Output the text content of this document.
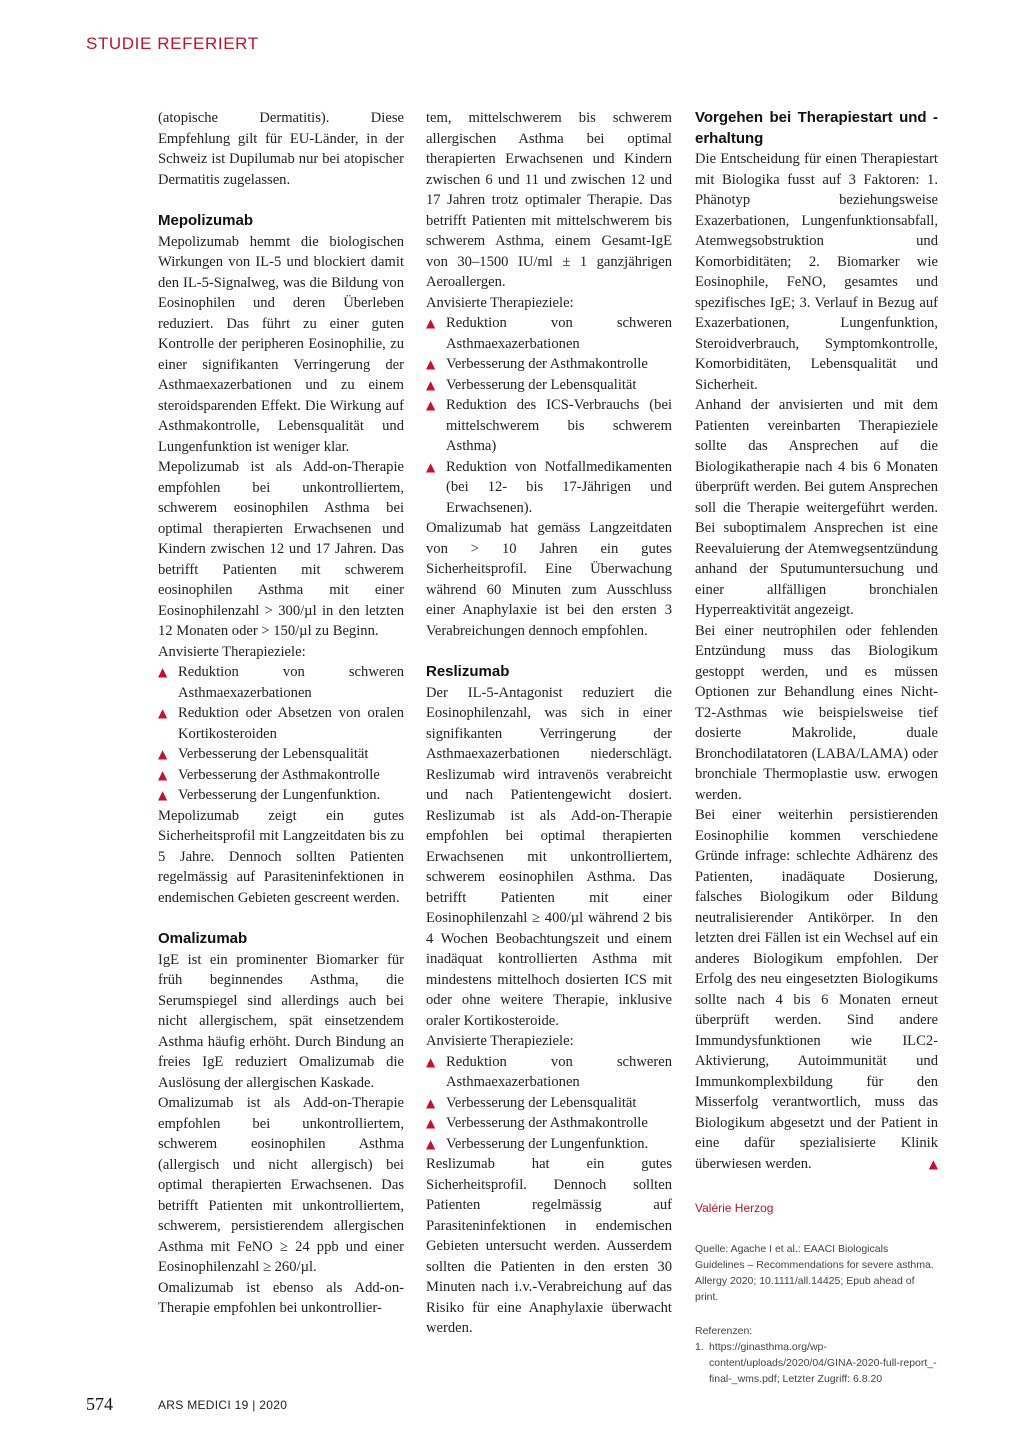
STUDIE REFERIERT

(atopische Dermatitis). Diese Empfehlung gilt für EU-Länder, in der Schweiz ist Dupilumab nur bei atopischer Dermatitis zugelassen.

Mepolizumab

Mepolizumab hemmt die biologischen Wirkungen von IL-5 und blockiert damit den IL-5-Signalweg, was die Bildung von Eosinophilen und deren Überleben reduziert. Das führt zu einer guten Kontrolle der peripheren Eosinophilie, zu einer signifikanten Verringerung der Asthmaexazerbationen und zu einem steroidsparenden Effekt. Die Wirkung auf Asthmakontrolle, Lebensqualität und Lungenfunktion ist weniger klar.

Mepolizumab ist als Add-on-Therapie empfohlen bei unkontrolliertem, schwerem eosinophilen Asthma bei optimal therapierten Erwachsenen und Kindern zwischen 12 und 17 Jahren. Das betrifft Patienten mit schwerem eosinophilen Asthma mit einer Eosinophilenzahl > 300/µl in den letzten 12 Monaten oder > 150/µl zu Beginn.

Anvisierte Therapieziele:

▲ Reduktion von schweren Asthmaexazerbationen
▲ Reduktion oder Absetzen von oralen Kortikosteroiden
▲ Verbesserung der Lebensqualität
▲ Verbesserung der Asthmakontrolle
▲ Verbesserung der Lungenfunktion.

Mepolizumab zeigt ein gutes Sicherheitsprofil mit Langzeitdaten bis zu 5 Jahre. Dennoch sollten Patienten regelmässig auf Parasiteninfektionen in endemischen Gebieten gescreent werden.

Omalizumab

IgE ist ein prominenter Biomarker für früh beginnendes Asthma, die Serumspiegel sind allerdings auch bei nicht allergischem, spät einsetzendem Asthma häufig erhöht. Durch Bindung an freies IgE reduziert Omalizumab die Auslösung der allergischen Kaskade.

Omalizumab ist als Add-on-Therapie empfohlen bei unkontrolliertem, schwerem eosinophilen Asthma (allergisch und nicht allergisch) bei optimal therapierten Erwachsenen. Das betrifft Patienten mit unkontrolliertem, schwerem, persistierendem allergischen Asthma mit FeNO ≥ 24 ppb und einer Eosinophilenzahl ≥ 260/µl.

Omalizumab ist ebenso als Add-on-Therapie empfohlen bei unkontrollier-

tem, mittelschwerem bis schwerem allergischen Asthma bei optimal therapierten Erwachsenen und Kindern zwischen 6 und 11 und zwischen 12 und 17 Jahren trotz optimaler Therapie. Das betrifft Patienten mit mittelschwerem bis schwerem Asthma, einem Gesamt-IgE von 30–1500 IU/ml ± 1 ganzjährigen Aeroallergen.

Anvisierte Therapieziele:

▲ Reduktion von schweren Asthmaexazerbationen
▲ Verbesserung der Asthmakontrolle
▲ Verbesserung der Lebensqualität
▲ Reduktion des ICS-Verbrauchs (bei mittelschwerem bis schwerem Asthma)
▲ Reduktion von Notfallmedikamenten (bei 12- bis 17-Jährigen und Erwachsenen).

Omalizumab hat gemäss Langzeitdaten von > 10 Jahren ein gutes Sicherheitsprofil. Eine Überwachung während 60 Minuten zum Ausschluss einer Anaphylaxie ist bei den ersten 3 Verabreichungen dennoch empfohlen.

Reslizumab

Der IL-5-Antagonist reduziert die Eosinophilenzahl, was sich in einer signifikanten Verringerung der Asthmaexazerbationen niederschlägt. Reslizumab wird intravenös verabreicht und nach Patientengewicht dosiert. Reslizumab ist als Add-on-Therapie empfohlen bei optimal therapierten Erwachsenen mit unkontrolliertem, schwerem eosinophilen Asthma. Das betrifft Patienten mit einer Eosinophilenzahl ≥ 400/µl während 2 bis 4 Wochen Beobachtungszeit und einem inadäquat kontrollierten Asthma mit mindestens mittelhoch dosierten ICS mit oder ohne weitere Therapie, inklusive oraler Kortikosteroide.

Anvisierte Therapieziele:

▲ Reduktion von schweren Asthmaexazerbationen
▲ Verbesserung der Lebensqualität
▲ Verbesserung der Asthmakontrolle
▲ Verbesserung der Lungenfunktion.

Reslizumab hat ein gutes Sicherheitsprofil. Dennoch sollten Patienten regelmässig auf Parasiteninfektionen in endemischen Gebieten untersucht werden. Ausserdem sollten die Patienten in den ersten 30 Minuten nach i.v.-Verabreichung auf das Risiko für eine Anaphylaxie überwacht werden.

Vorgehen bei Therapiestart und -erhaltung

Die Entscheidung für einen Therapiestart mit Biologika fusst auf 3 Faktoren: 1. Phänotyp beziehungsweise Exazerbationen, Lungenfunktionsabfall, Atemwegsobstruktion und Komorbiditäten; 2. Biomarker wie Eosinophile, FeNO, gesamtes und spezifisches IgE; 3. Verlauf in Bezug auf Exazerbationen, Lungenfunktion, Steroidverbrauch, Symptomkontrolle, Komorbiditäten, Lebensqualität und Sicherheit.

Anhand der anvisierten und mit dem Patienten vereinbarten Therapieziele sollte das Ansprechen auf die Biologikatherapie nach 4 bis 6 Monaten überprüft werden. Bei gutem Ansprechen soll die Therapie weitergeführt werden. Bei suboptimalem Ansprechen ist eine Reevaluierung der Atemwegsentzündung anhand der Sputumuntersuchung und einer allfälligen bronchialen Hyperreaktivität angezeigt.

Bei einer neutrophilen oder fehlenden Entzündung muss das Biologikum gestoppt werden, und es müssen Optionen zur Behandlung eines Nicht-T2-Asthmas wie beispielsweise tief dosierte Makrolide, duale Bronchodilatatoren (LABA/LAMA) oder bronchiale Thermoplastie usw. erwogen werden.

Bei einer weiterhin persistierenden Eosinophilie kommen verschiedene Gründe infrage: schlechte Adhärenz des Patienten, inadäquate Dosierung, falsches Biologikum oder Bildung neutralisierender Antikörper. In den letzten drei Fällen ist ein Wechsel auf ein anderes Biologikum empfohlen. Der Erfolg des neu eingesetzten Biologikums sollte nach 4 bis 6 Monaten erneut überprüft werden. Sind andere Immundysfunktionen wie ILC2-Aktivierung, Autoimmunität und Immunkomplexbildung für den Misserfolg verantwortlich, muss das Biologikum abgesetzt und der Patient in eine dafür spezialisierte Klinik überwiesen werden.	▲

Valérie Herzog
Quelle: Agache I et al.: EAACI Biologicals Guidelines – Recommendations for severe asthma. Allergy 2020; 10.1111/all.14425; Epub ahead of print.
Referenzen:
1. https://ginasthma.org/wp-content/uploads/2020/04/GINA-2020-full-report_-final-_wms.pdf; Letzter Zugriff: 6.8.20
574	ARS MEDICI 19 | 2020
